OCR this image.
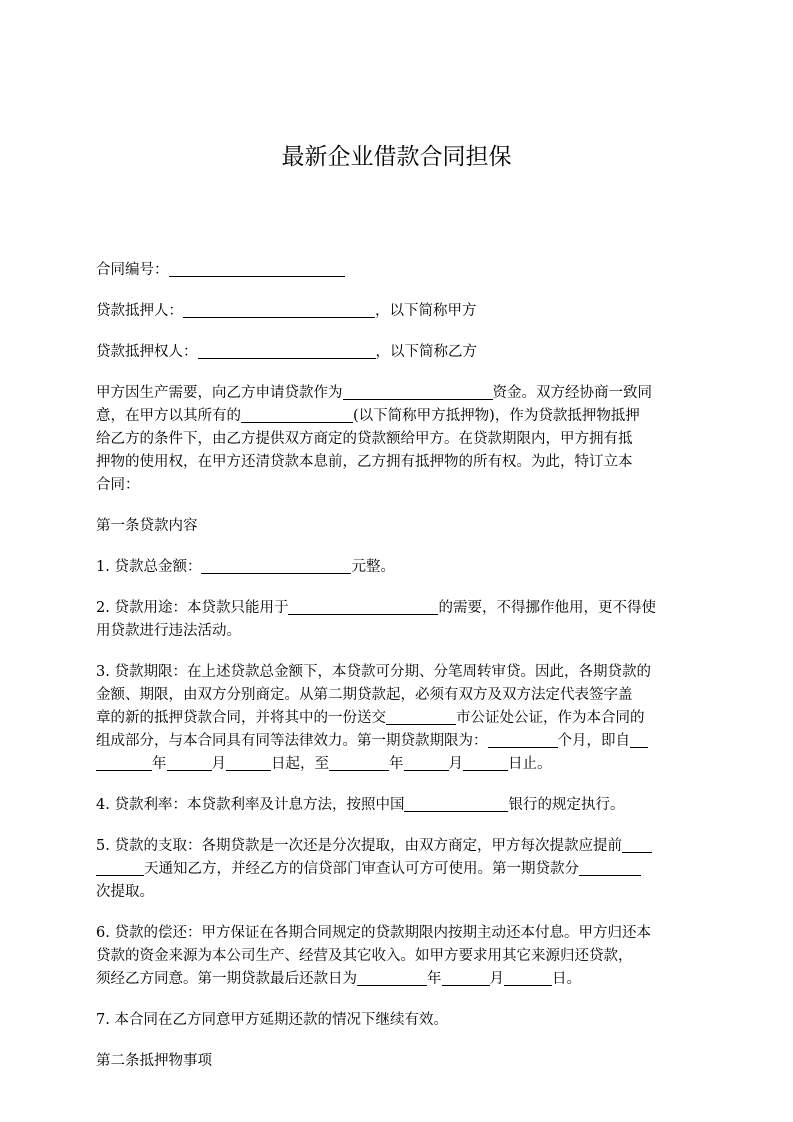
最新企业借款合同担保
合同编号：
贷款抵押人：	，以下简称甲方
贷款抵押权人：	，以下简称乙方
甲方因生产需要，向乙方申请贷款作为	资金。双方经协商一致同
意，在甲方以其所有的	(以下简称甲方抵押物)，作为贷款抵押物抵押
给乙方的条件下，由乙方提供双方商定的贷款额给甲方。在贷款期限内，甲方拥有抵
押物的使用权，在甲方还清贷款本息前，乙方拥有抵押物的所有权。为此，特订立本
合同：
第一条贷款内容
1. 贷款总金额：	元整。
2. 贷款用途：本贷款只能用于	的需要，不得挪作他用，更不得使
用贷款进行违法活动。
3. 贷款期限：在上述贷款总金额下，本贷款可分期、分笔周转审贷。因此，各期贷款的
金额、期限，由双方分别商定。从第二期贷款起，必须有双方及双方法定代表签字盖
章的新的抵押贷款合同，并将其中的一份送交	市公证处公证，作为本合同的
组成部分，与本合同具有同等法律效力。第一期贷款期限为：	个月，即自
年	月	日起，至	年	月	日止。
4. 贷款利率：本贷款利率及计息方法，按照中国	银行的规定执行。
5. 贷款的支取：各期贷款是一次还是分次提取，由双方商定，甲方每次提款应提前
天通知乙方，并经乙方的信贷部门审查认可方可使用。第一期贷款分
次提取。
6. 贷款的偿还：甲方保证在各期合同规定的贷款期限内按期主动还本付息。甲方归还本
贷款的资金来源为本公司生产、经营及其它收入。如甲方要求用其它来源归还贷款，
须经乙方同意。第一期贷款最后还款日为	年	月	日。
7. 本合同在乙方同意甲方延期还款的情况下继续有效。
第二条抵押物事项
